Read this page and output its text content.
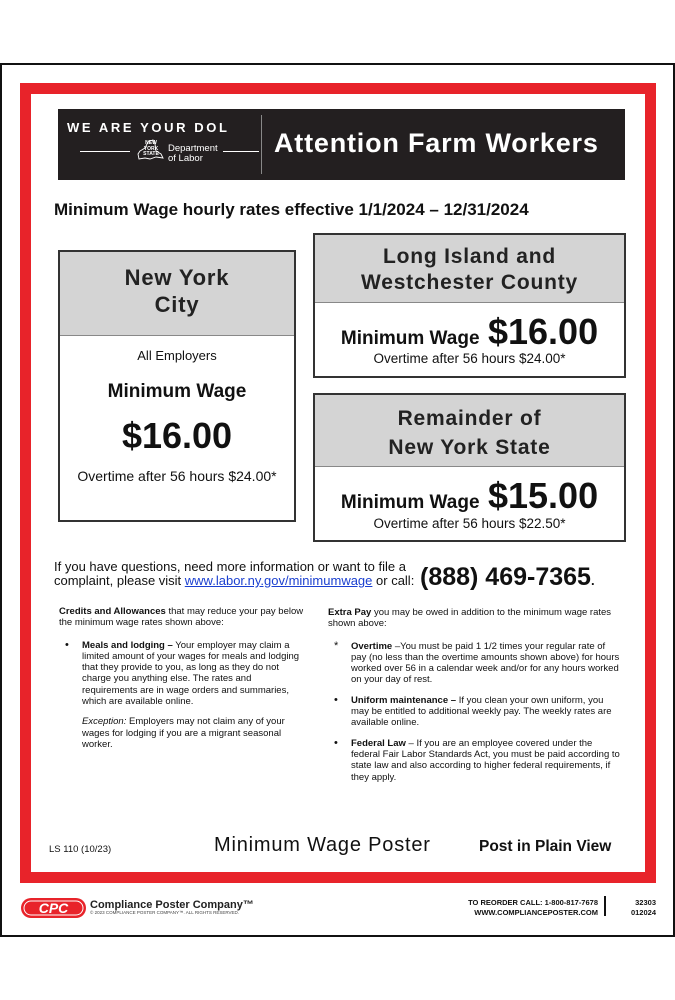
WE ARE YOUR DOL
NEW YORK STATE Department
of Labor
Attention Farm Workers
Minimum Wage hourly rates effective 1/1/2024 – 12/31/2024
New York
City
All Employers
Minimum Wage
$16.00
Overtime after 56 hours $24.00*
Long Island and
Westchester County
Minimum Wage $16.00
Overtime after 56 hours $24.00*
Remainder of
New York State
Minimum Wage $15.00
Overtime after 56 hours $22.50*
If you have questions, need more information or want to file a
complaint, please visit www.labor.ny.gov/minimumwage or call: (888) 469-7365.

Credits and Allowances that may reduce your pay below the minimum wage rates shown above:

• Meals and lodging – Your employer may claim a limited amount of your wages for meals and lodging that they provide to you, as long as they do not charge you anything else. The rates and requirements are in wage orders and summaries, which are available online.

Exception: Employers may not claim any of your wages for lodging if you are a migrant seasonal worker.

Extra Pay you may be owed in addition to the minimum wage rates shown above:

* Overtime –You must be paid 1 1/2 times your regular rate of pay (no less than the overtime amounts shown above) for hours worked over 56 in a calendar week and/or for any hours worked on your day of rest.
• Uniform maintenance – If you clean your own uniform, you may be entitled to additional weekly pay. The weekly rates are available online.
• Federal Law – If you are an employee covered under the federal Fair Labor Standards Act, you must be paid according to state law and also according to higher federal requirements, if they apply.
LS 110 (10/23)	Minimum Wage Poster	Post in Plain View
CPC Compliance Poster Company™
© 2023 COMPLIANCE POSTER COMPANY™. ALL RIGHTS RESERVED.
TO REORDER CALL: 1-800-817-7678
WWW.COMPLIANCEPOSTER.COM
32303
012024
